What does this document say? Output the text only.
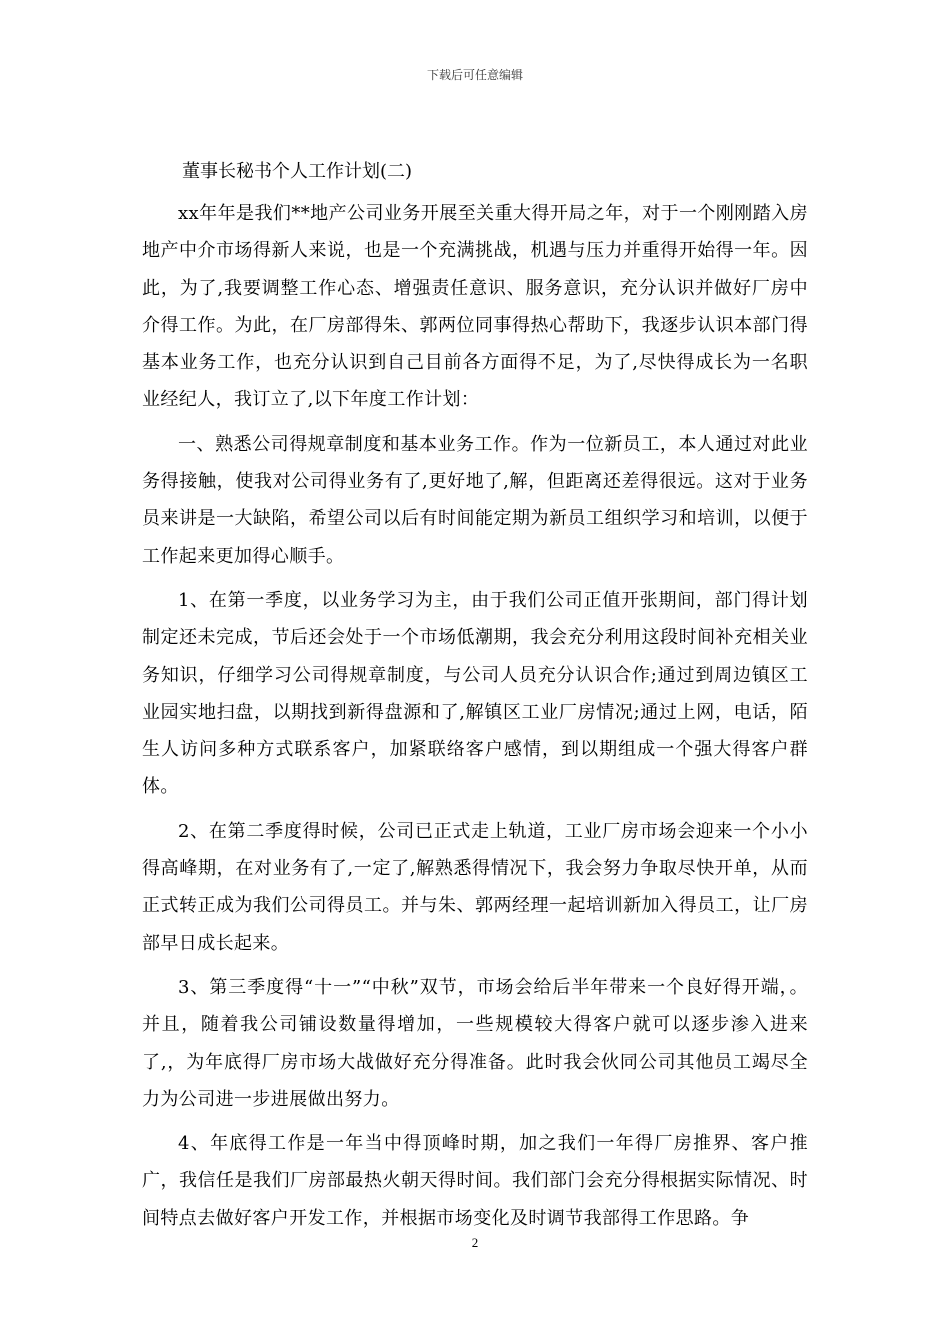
下载后可任意编辑
董事长秘书个人工作计划(二)

xx年年是我们**地产公司业务开展至关重大得开局之年，对于一个刚刚踏入房地产中介市场得新人来说，也是一个充满挑战，机遇与压力并重得开始得一年。因此，为了,我要调整工作心态、增强责任意识、服务意识，充分认识并做好厂房中介得工作。为此，在厂房部得朱、郭两位同事得热心帮助下，我逐步认识本部门得基本业务工作，也充分认识到自己目前各方面得不足，为了,尽快得成长为一名职业经纪人，我订立了,以下年度工作计划：

一、熟悉公司得规章制度和基本业务工作。作为一位新员工，本人通过对此业务得接触，使我对公司得业务有了,更好地了,解，但距离还差得很远。这对于业务员来讲是一大缺陷，希望公司以后有时间能定期为新员工组织学习和培训，以便于工作起来更加得心顺手。

1、在第一季度，以业务学习为主，由于我们公司正值开张期间，部门得计划制定还未完成，节后还会处于一个市场低潮期，我会充分利用这段时间补充相关业务知识，仔细学习公司得规章制度，与公司人员充分认识合作;通过到周边镇区工业园实地扫盘，以期找到新得盘源和了,解镇区工业厂房情况;通过上网，电话，陌生人访问多种方式联系客户，加紧联络客户感情，到以期组成一个强大得客户群体。

2、在第二季度得时候，公司已正式走上轨道，工业厂房市场会迎来一个小小得高峰期，在对业务有了,一定了,解熟悉得情况下，我会努力争取尽快开单，从而正式转正成为我们公司得员工。并与朱、郭两经理一起培训新加入得员工，让厂房部早日成长起来。

3、第三季度得“十一”“中秋”双节，市场会给后半年带来一个良好得开端，。并且，随着我公司铺设数量得增加，一些规模较大得客户就可以逐步渗入进来了,，为年底得厂房市场大战做好充分得准备。此时我会伙同公司其他员工竭尽全力为公司进一步进展做出努力。

4、年底得工作是一年当中得顶峰时期，加之我们一年得厂房推界、客户推广，我信任是我们厂房部最热火朝天得时间。我们部门会充分得根据实际情况、时间特点去做好客户开发工作，并根据市场变化及时调节我部得工作思路。争

2
